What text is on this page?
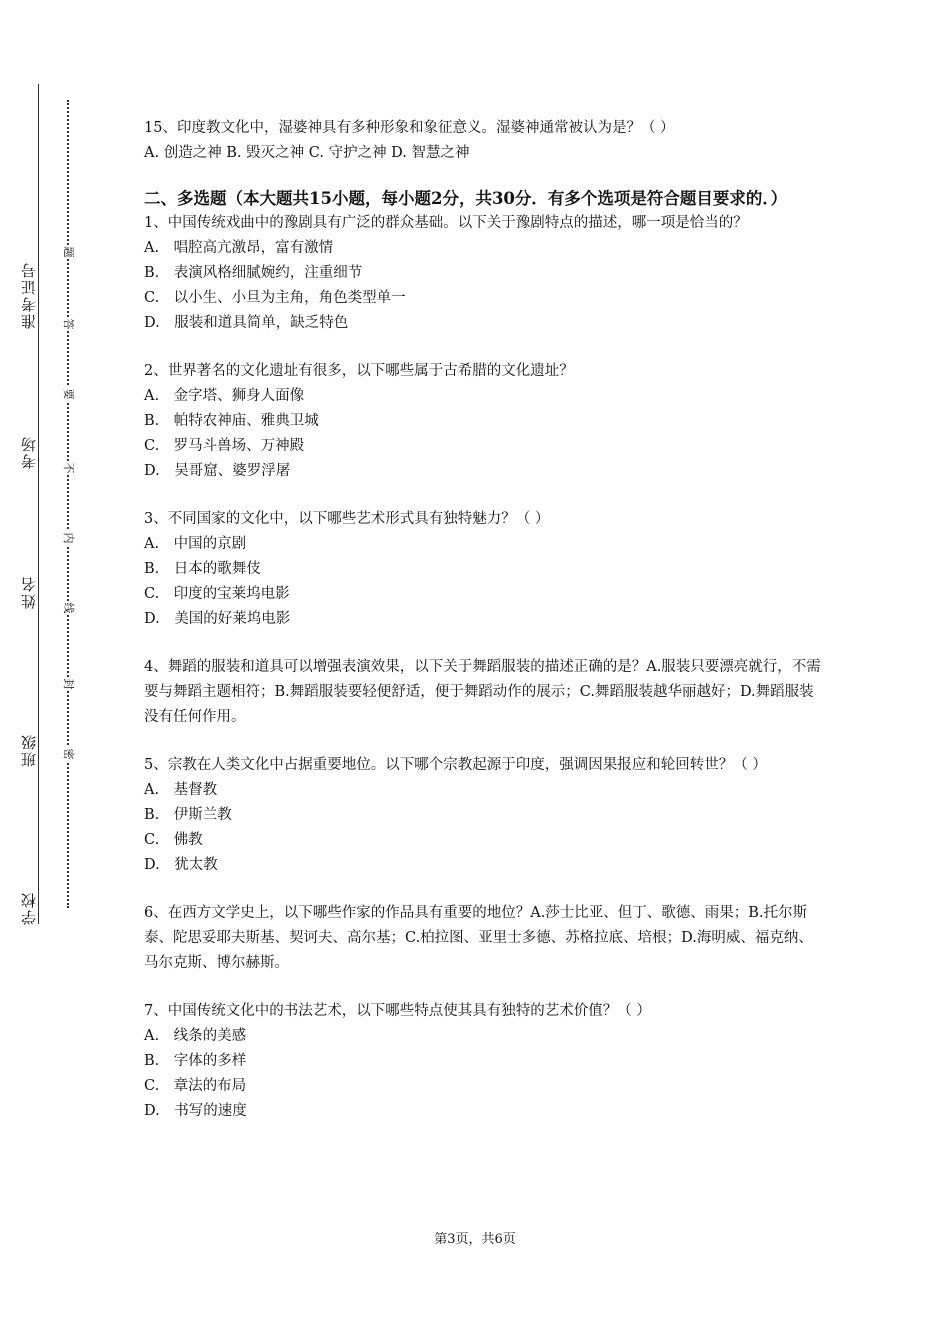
准考证号
考场
姓名
班级
学校
题
答
要
不
内
线
封
密
15、印度教文化中，湿婆神具有多种形象和象征意义。湿婆神通常被认为是？（ ）
A. 创造之神 B. 毁灭之神 C. 守护之神 D. 智慧之神
二、多选题（本大题共15小题，每小题2分，共30分．有多个选项是符合题目要求的．）
1、中国传统戏曲中的豫剧具有广泛的群众基础。以下关于豫剧特点的描述，哪一项是恰当的？
A.　唱腔高亢激昂，富有激情
B.　表演风格细腻婉约，注重细节
C.　以小生、小旦为主角，角色类型单一
D.　服装和道具简单，缺乏特色
2、世界著名的文化遗址有很多，以下哪些属于古希腊的文化遗址？
A.　金字塔、狮身人面像
B.　帕特农神庙、雅典卫城
C.　罗马斗兽场、万神殿
D.　吴哥窟、婆罗浮屠
3、不同国家的文化中，以下哪些艺术形式具有独特魅力？（ ）
A.　中国的京剧
B.　日本的歌舞伎
C.　印度的宝莱坞电影
D.　美国的好莱坞电影
4、舞蹈的服装和道具可以增强表演效果，以下关于舞蹈服装的描述正确的是？A.服装只要漂亮就行，不需要与舞蹈主题相符；B.舞蹈服装要轻便舒适，便于舞蹈动作的展示；C.舞蹈服装越华丽越好；D.舞蹈服装没有任何作用。
5、宗教在人类文化中占据重要地位。以下哪个宗教起源于印度，强调因果报应和轮回转世？（ ）
A.　基督教
B.　伊斯兰教
C.　佛教
D.　犹太教
6、在西方文学史上，以下哪些作家的作品具有重要的地位？A.莎士比亚、但丁、歌德、雨果；B.托尔斯泰、陀思妥耶夫斯基、契诃夫、高尔基；C.柏拉图、亚里士多德、苏格拉底、培根；D.海明威、福克纳、马尔克斯、博尔赫斯。
7、中国传统文化中的书法艺术，以下哪些特点使其具有独特的艺术价值？（ ）
A.　线条的美感
B.　字体的多样
C.　章法的布局
D.　书写的速度
第3页，共6页
